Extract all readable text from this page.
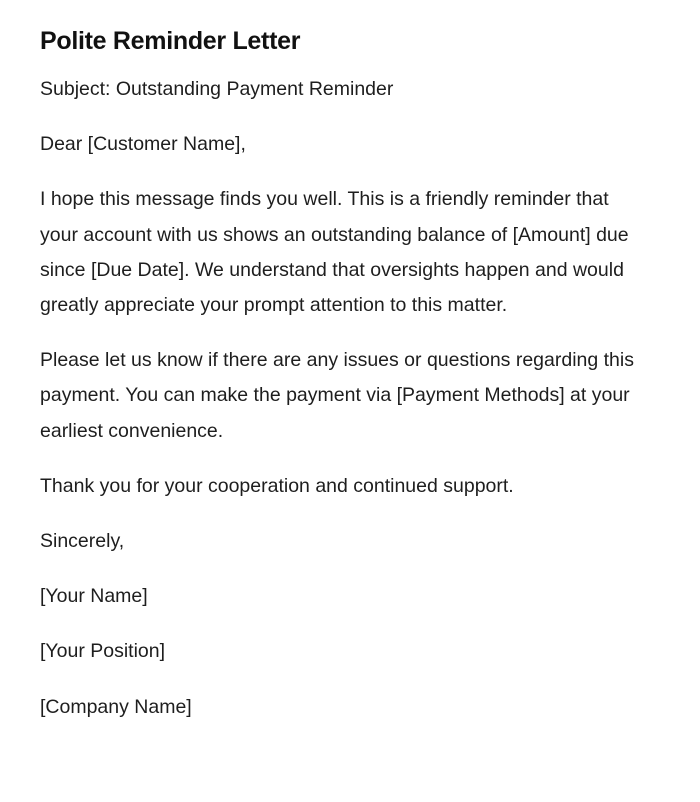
Polite Reminder Letter

Subject: Outstanding Payment Reminder

Dear [Customer Name],

I hope this message finds you well. This is a friendly reminder that your account with us shows an outstanding balance of [Amount] due since [Due Date]. We understand that oversights happen and would greatly appreciate your prompt attention to this matter.

Please let us know if there are any issues or questions regarding this payment. You can make the payment via [Payment Methods] at your earliest convenience.

Thank you for your cooperation and continued support.

Sincerely,

[Your Name]

[Your Position]

[Company Name]
